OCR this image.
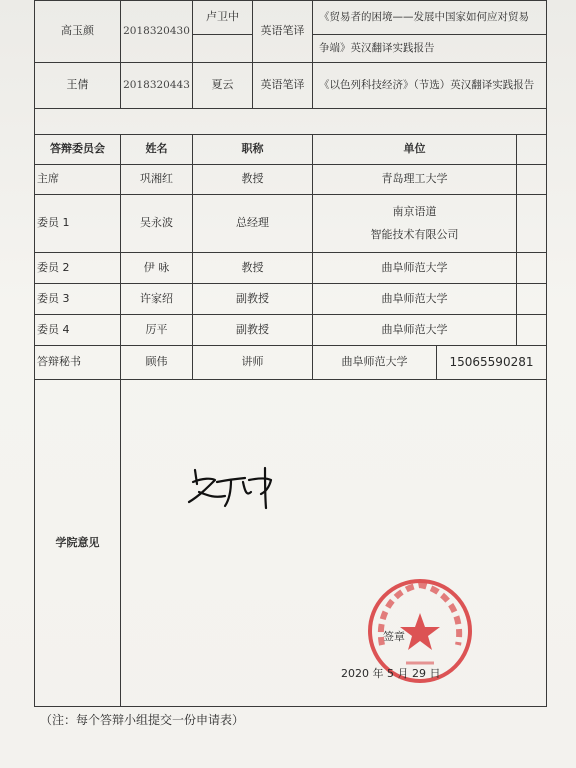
高玉颜	2018320430	卢卫中	英语笔译	《贸易者的困境——发展中国家如何应对贸易		
				争端》英汉翻译实践报告		
王倩	2018320443	夏云	英语笔译	《以色列科技经济》（节选）英汉翻译实践报告		

答辩委员会	姓名	职称		单位		
主席	巩湘红	教授		青岛理工大学		
委员 1	吴永波	总经理		南京语道
智能技术有限公司		

委员 2	伊 咏	教授		曲阜师范大学		
委员 3	许家绍	副教授		曲阜师范大学		
委员 4	厉平	副教授		曲阜师范大学		
答辩秘书	顾伟	讲师		曲阜师范大学	15065590281	
学院意见	签章
2020 年 5 月 29 日					
（注：每个答辩小组提交一份申请表）
